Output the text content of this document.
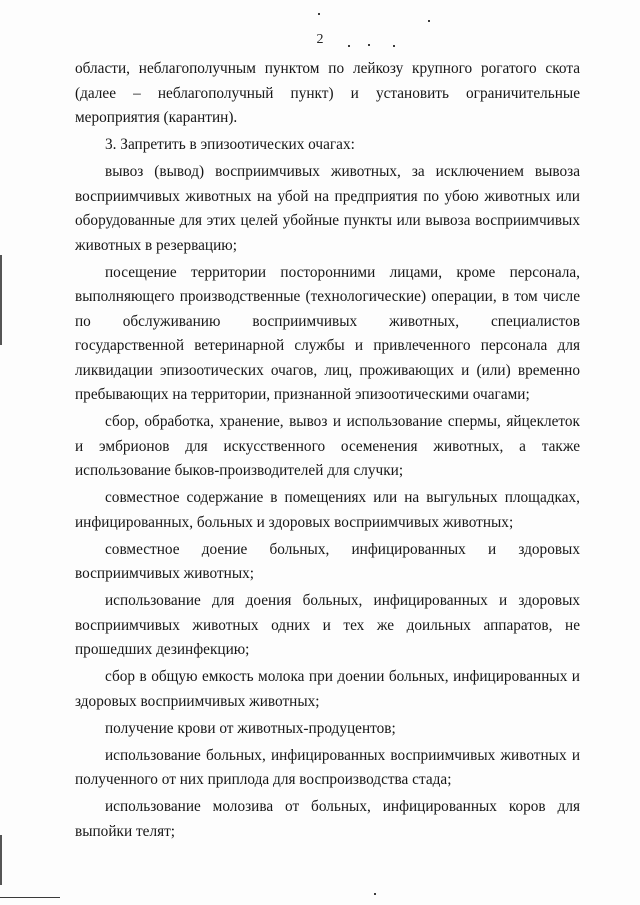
2

области, неблагополучным пунктом по лейкозу крупного рогатого скота (далее – неблагополучный пункт) и установить ограничительные мероприятия (карантин).

3. Запретить в эпизоотических очагах:

вывоз (вывод) восприимчивых животных, за исключением вывоза восприимчивых животных на убой на предприятия по убою животных или оборудованные для этих целей убойные пункты или вывоза восприимчивых животных в резервацию;

посещение территории посторонними лицами, кроме персонала, выполняющего производственные (технологические) операции, в том числе по обслуживанию восприимчивых животных, специалистов государственной ветеринарной службы и привлеченного персонала для ликвидации эпизоотических очагов, лиц, проживающих и (или) временно пребывающих на территории, признанной эпизоотическими очагами;

сбор, обработка, хранение, вывоз и использование спермы, яйцеклеток и эмбрионов для искусственного осеменения животных, а также использование быков-производителей для случки;

совместное содержание в помещениях или на выгульных площадках, инфицированных, больных и здоровых восприимчивых животных;

совместное доение больных, инфицированных и здоровых восприимчивых животных;

использование для доения больных, инфицированных и здоровых восприимчивых животных одних и тех же доильных аппаратов, не прошедших дезинфекцию;

сбор в общую емкость молока при доении больных, инфицированных и здоровых восприимчивых животных;

получение крови от животных-продуцентов;

использование больных, инфицированных восприимчивых животных и полученного от них приплода для воспроизводства стада;

использование молозива от больных, инфицированных коров для выпойки телят;
